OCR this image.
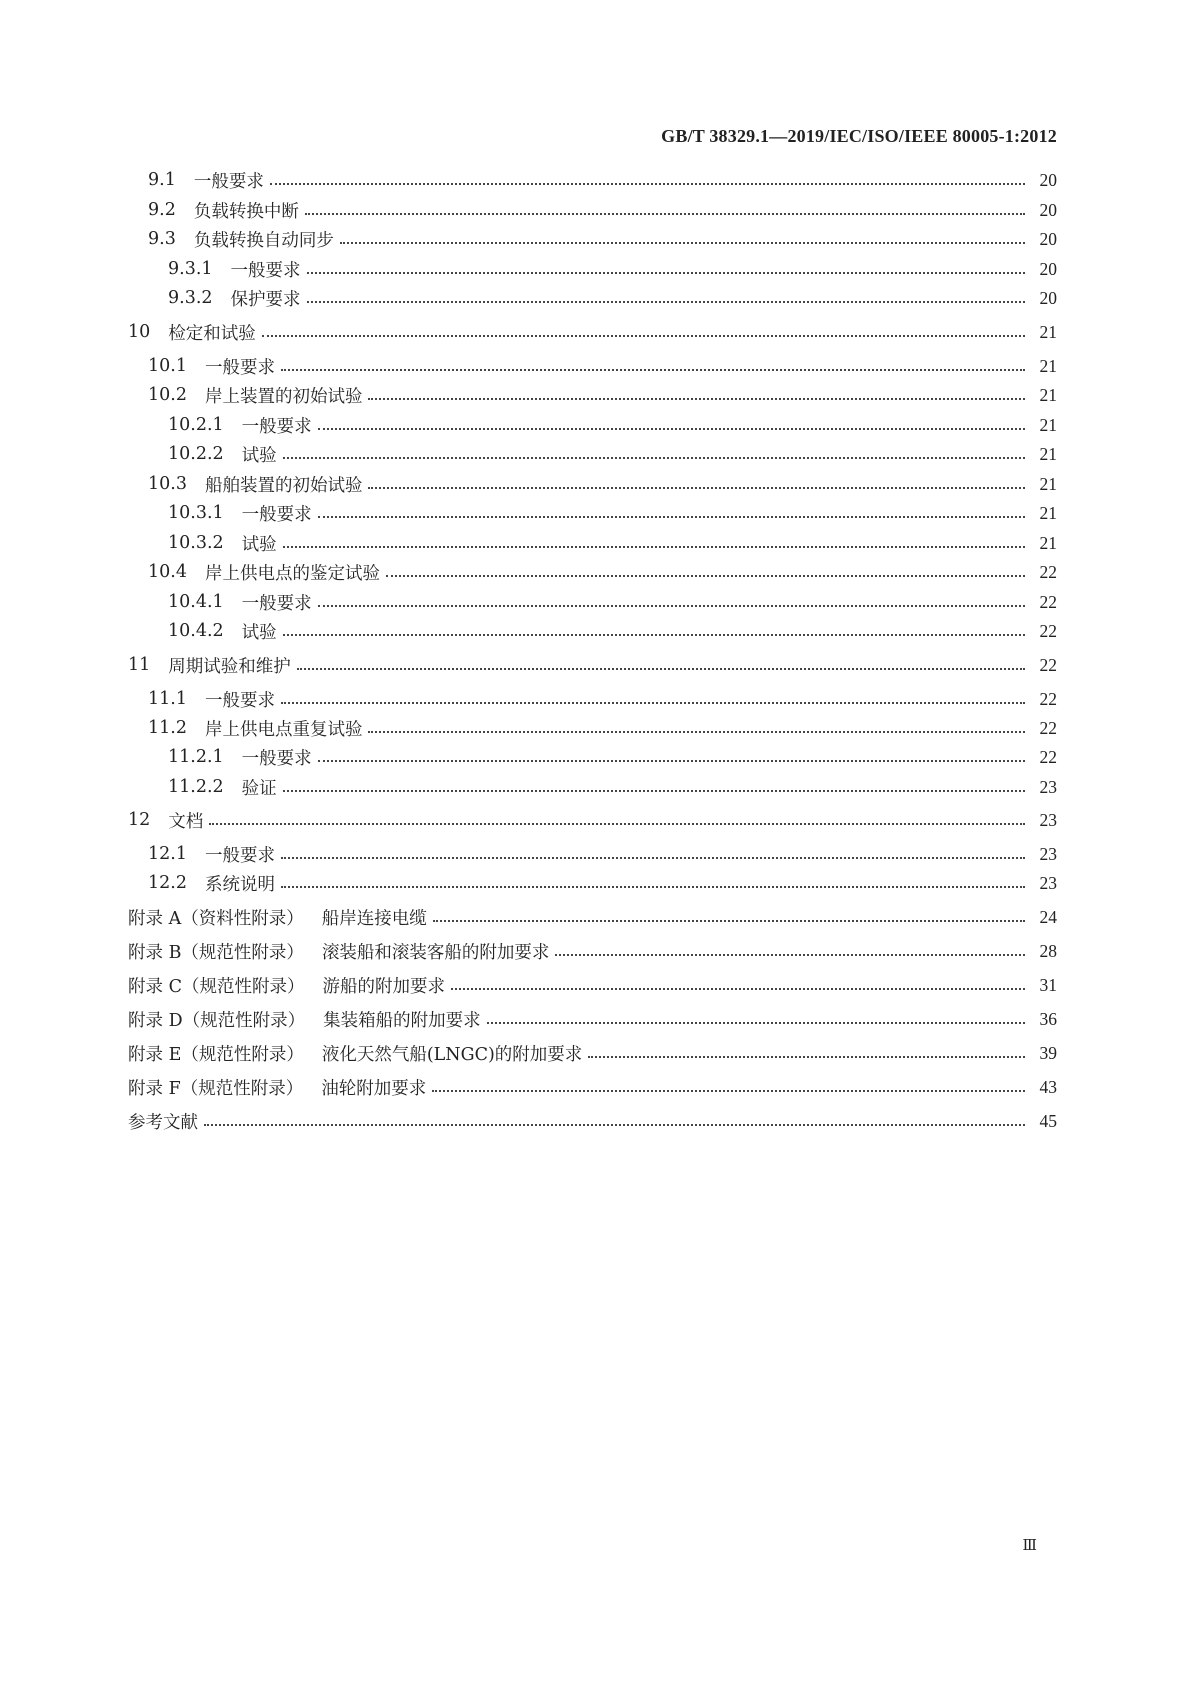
GB/T 38329.1—2019/IEC/ISO/IEEE 80005-1:2012
9.1	一般要求	20
9.2	负载转换中断	20
9.3	负载转换自动同步	20
9.3.1	一般要求	20
9.3.2	保护要求	20
10	检定和试验	21
10.1	一般要求	21
10.2	岸上装置的初始试验	21
10.2.1	一般要求	21
10.2.2	试验	21
10.3	船舶装置的初始试验	21
10.3.1	一般要求	21
10.3.2	试验	21
10.4	岸上供电点的鉴定试验	22
10.4.1	一般要求	22
10.4.2	试验	22
11	周期试验和维护	22
11.1	一般要求	22
11.2	岸上供电点重复试验	22
11.2.1	一般要求	22
11.2.2	验证	23
12	文档	23
12.1	一般要求	23
12.2	系统说明	23
附录 A（资料性附录）	船岸连接电缆	24
附录 B（规范性附录）	滚装船和滚装客船的附加要求	28
附录 C（规范性附录）	游船的附加要求	31
附录 D（规范性附录）	集装箱船的附加要求	36
附录 E（规范性附录）	液化天然气船(LNGC)的附加要求	39
附录 F（规范性附录）	油轮附加要求	43
参考文献	45
Ⅲ
